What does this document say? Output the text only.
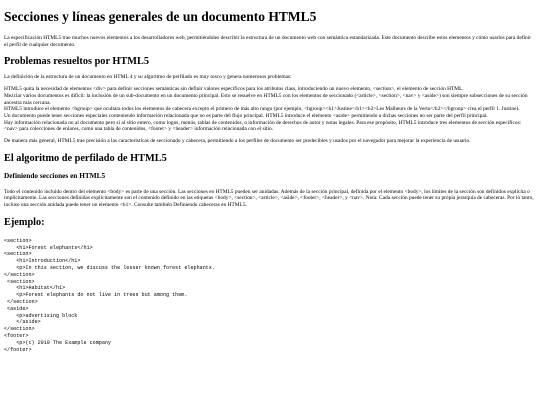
Secciones y líneas generales de un documento HTML5

La especificación HTML5 trae muchos nuevos elementos a los desarrolladores web, permitiéndoles describir la estructura de un documento web con semántica estandarizada. Este documento describe estos elementos y cómo usarlos para definir el perfil de cualquier documento.

Problemas resueltos por HTML5

La definición de la estructura de un documento en HTML 4 y su algoritmo de perfilado es muy tosco y genera numerosos problemas:

HTML5 quita la necesidad de elementos <div> para definir secciones semánticas sin definir valores específicos para los atributos class, introduciendo un nuevo elemento, <section>, el elemento de sección HTML.

Mezclar varios documentos es difícil: la inclusión de un sub-documento en un documento principal. Esto se resuelve en HTML5 con los elementos de seccionado (<article>, <section>, <nav> y <aside>) son siempre subsecciones de su sección ancestra más cercana.

HTML5 introduce el elemento <hgroup> que ocultara todos los elementos de cabecera excepto el primero de más alto rango (por ejemplo, <hgroup><h1>Justine</h1><h2>Les Malheurs de la Vertu</h2></hgroup> crea el perfil 1. Justine).

Un documento puede tener secciones especiales conteniendo información relacionada que no es parte del flujo principal. HTML5 introduce el elemento <aside> permitiendo a dichas secciones no ser parte del perfil principal.

Hay información relacionada no al documento pero si al sitio entero, como logos, menús, tablas de contenidos, o información de derechos de autor y notas legales. Para ese propósito, HTML5 introduce tres elementos de sección específicos: <nav> para colecciones de enlaces, como una tabla de contenidos, <footer> y <header> información relacionada con el sitio.

De manera más general, HTML5 trae precisión a las características de seccionado y cabecera, permitiendo a los perfiles de documento ser predecibles y usados por el navegador para mejorar la experiencia de usuario.

El algoritmo de perfilado de HTML5
Definiendo secciones en HTML5

Todo el contenido incluido dentro del elemento <body> es parte de una sección. Las secciones en HTML5 pueden ser anidadas. Además de la sección principal, definida por el elemento <body>, los límites de la sección son definidos explícita o implícitamente. Las secciones definidas explícitamente son el contenido definido en las etiquetas <body>, <section>, <article>, <aside>, <footer>, <header>, y <nav>. Nota: Cada sección puede tener su propia jerarquía de cabeceras. Por lo tanto, incluso una sección anidada puede tener un elemento <h1>. Consulte también Definiendo cabeceras en HTML5.

Ejemplo:
<section>
<h1>Forest elephants</h1>
<section>
<h1>Introduction</h1>
<p>In this section, we discuss the lesser known forest elephants.
</section>
<section>
<h1>Habitat</h1>
<p>Forest elephants do not live in trees but among them.
</section>
<aside>
<p>advertising block
</aside>
</section>
<footer>
<p>(c) 2010 The Example company
</footer>
